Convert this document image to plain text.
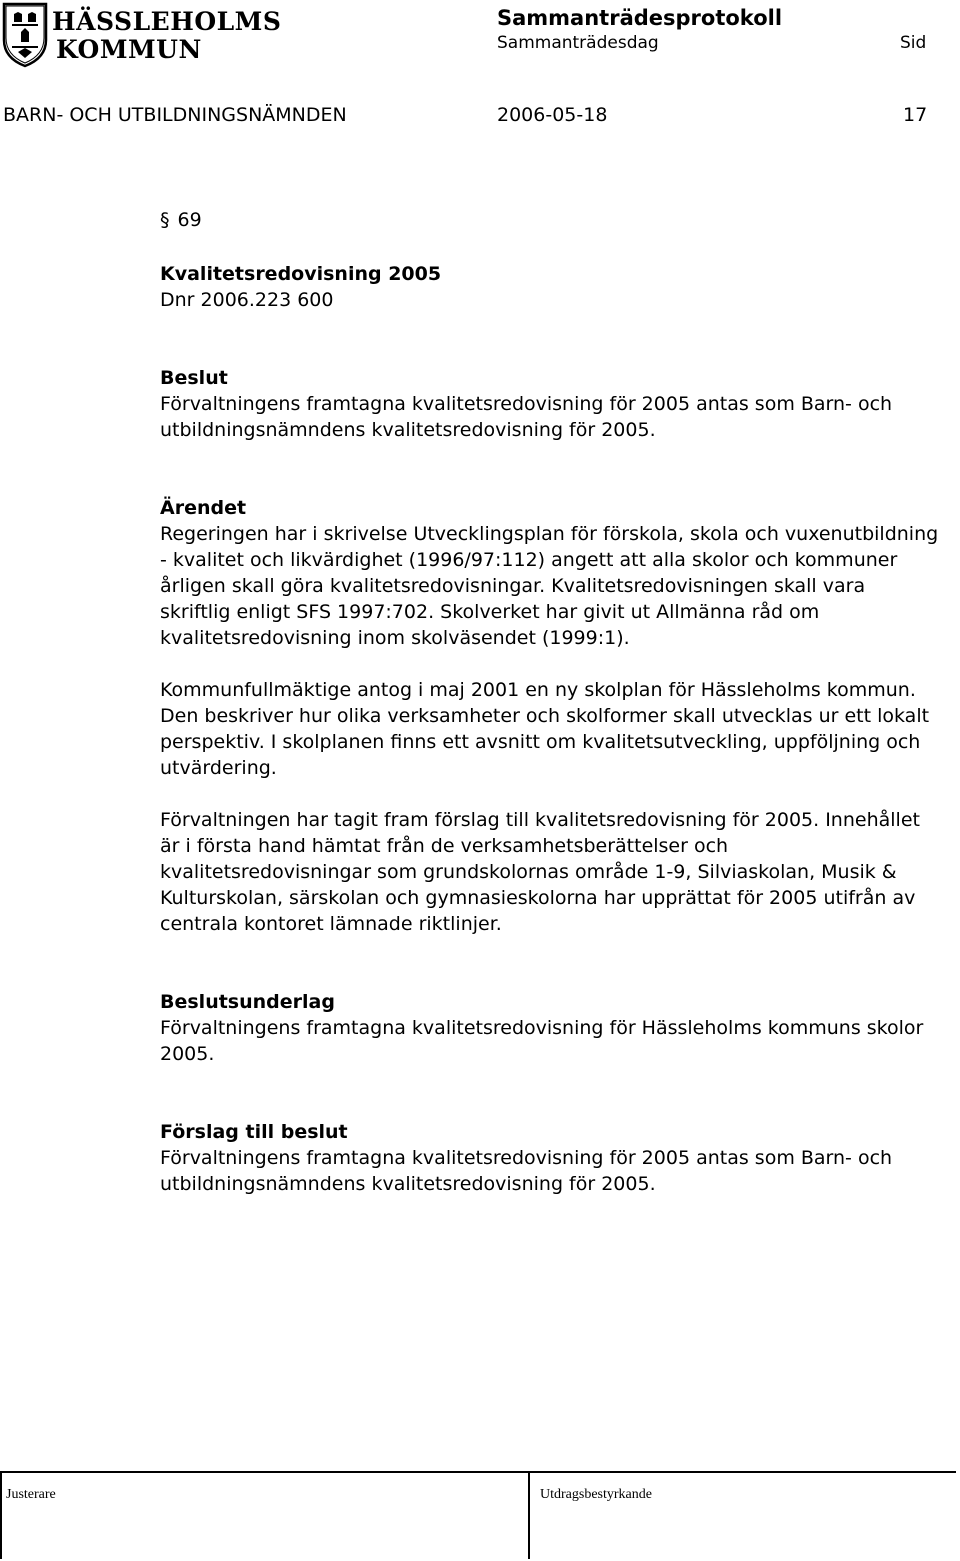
HÄSSLEHOLMS
KOMMUN
Sammanträdesprotokoll
Sammanträdesdag	Sid
BARN- OCH UTBILDNINGSNÄMNDEN	2006-05-18	17
§ 69

Kvalitetsredovisning 2005

Dnr 2006.223 600

Beslut

Förvaltningens framtagna kvalitetsredovisning för 2005 antas som Barn- och utbildningsnämndens kvalitetsredovisning för 2005.

Ärendet

Regeringen har i skrivelse Utvecklingsplan för förskola, skola och vuxenutbildning - kvalitet och likvärdighet (1996/97:112) angett att alla skolor och kommuner årligen skall göra kvalitetsredovisningar. Kvalitetsredovisningen skall vara skriftlig enligt SFS 1997:702. Skolverket har givit ut Allmänna råd om kvalitetsredovisning inom skolväsendet (1999:1).

Kommunfullmäktige antog i maj 2001 en ny skolplan för Hässleholms kommun. Den beskriver hur olika verksamheter och skolformer skall utvecklas ur ett lokalt perspektiv. I skolplanen finns ett avsnitt om kvalitetsutveckling, uppföljning och utvärdering.

Förvaltningen har tagit fram förslag till kvalitetsredovisning för 2005. Innehållet är i första hand hämtat från de verksamhetsberättelser och kvalitetsredovisningar som grundskolornas område 1-9, Silviaskolan, Musik & Kulturskolan, särskolan och gymnasieskolorna har upprättat för 2005 utifrån av centrala kontoret lämnade riktlinjer.

Beslutsunderlag

Förvaltningens framtagna kvalitetsredovisning för Hässleholms kommuns skolor 2005.

Förslag till beslut

Förvaltningens framtagna kvalitetsredovisning för 2005 antas som Barn- och utbildningsnämndens kvalitetsredovisning för 2005.

Justerare	Utdragsbestyrkande
